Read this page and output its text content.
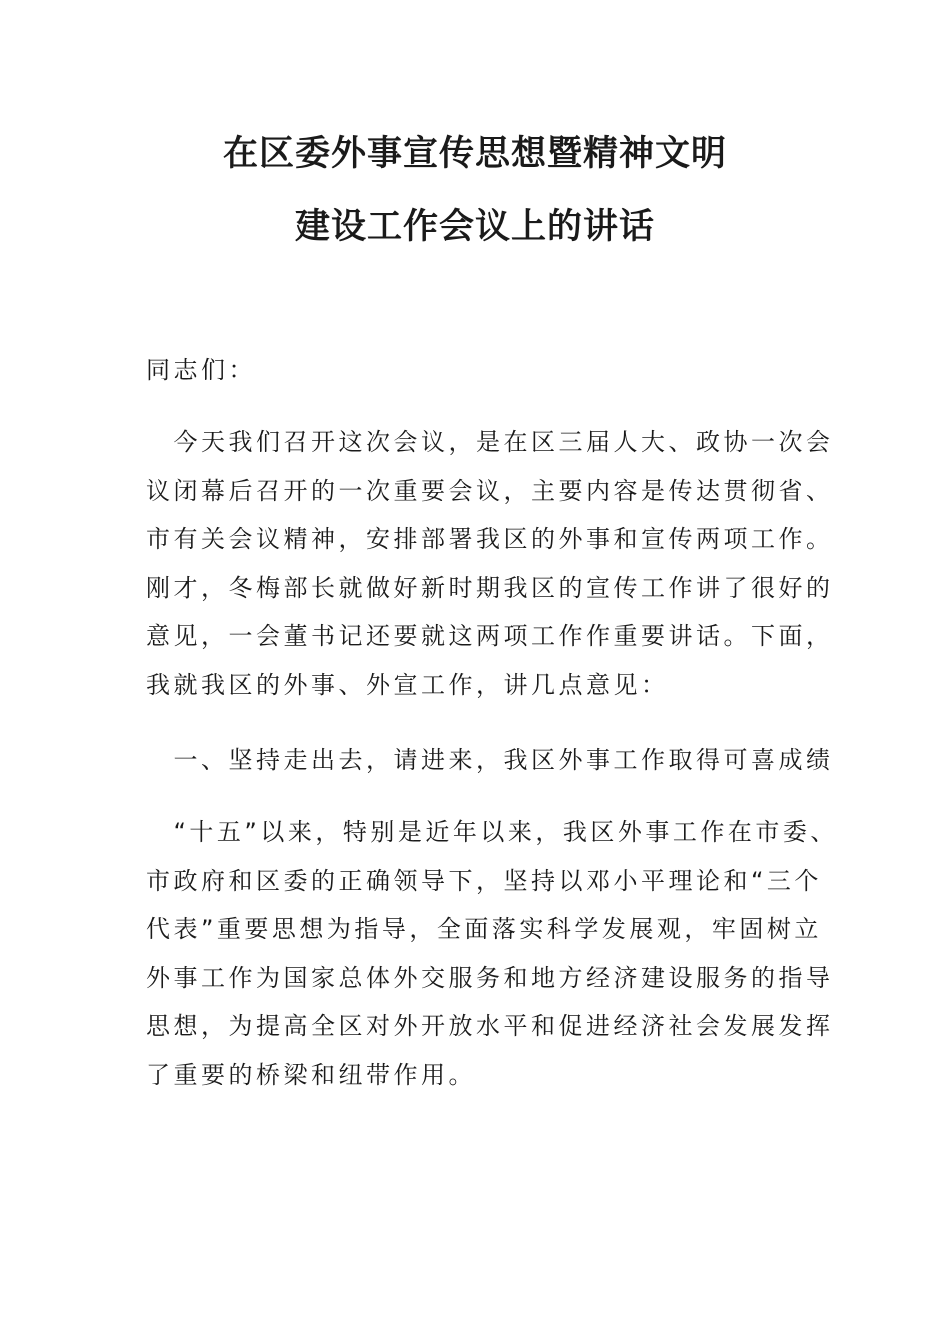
在区委外事宣传思想暨精神文明
建设工作会议上的讲话

同志们：

　今天我们召开这次会议，是在区三届人大、政协一次会
议闭幕后召开的一次重要会议，主要内容是传达贯彻省、
市有关会议精神，安排部署我区的外事和宣传两项工作。
刚才，冬梅部长就做好新时期我区的宣传工作讲了很好的
意见，一会董书记还要就这两项工作作重要讲话。下面，
我就我区的外事、外宣工作，讲几点意见：

　一、坚持走出去，请进来，我区外事工作取得可喜成绩

　“十五”以来，特别是近年以来，我区外事工作在市委、
市政府和区委的正确领导下，坚持以邓小平理论和“三个
代表”重要思想为指导，全面落实科学发展观，牢固树立
外事工作为国家总体外交服务和地方经济建设服务的指导
思想，为提高全区对外开放水平和促进经济社会发展发挥
了重要的桥梁和纽带作用。
